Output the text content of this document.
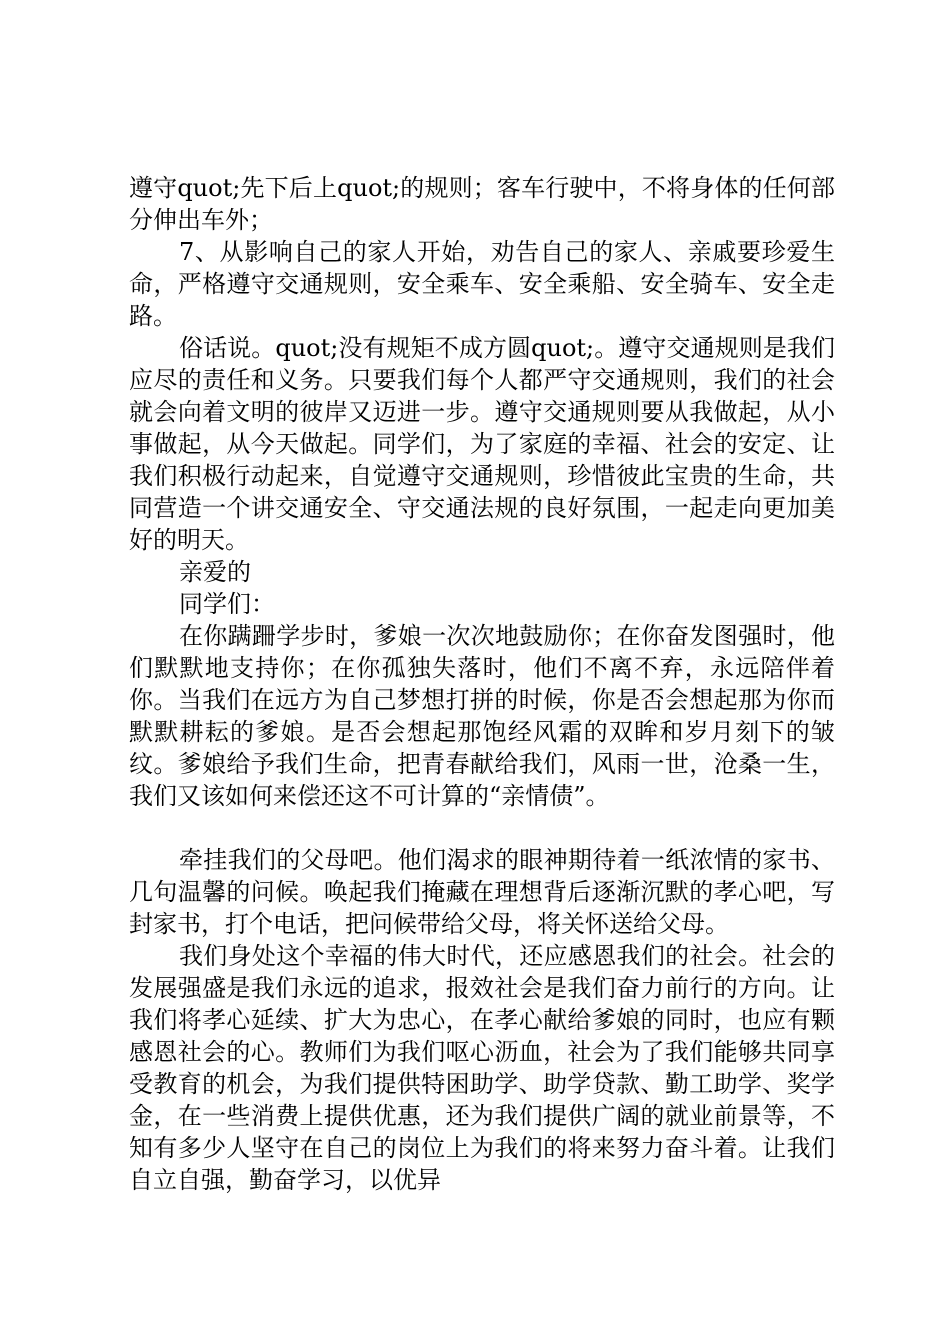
遵守quot;先下后上quot;的规则；客车行驶中，不将身体的任何部分伸出车外；

7、从影响自己的家人开始，劝告自己的家人、亲戚要珍爱生命，严格遵守交通规则，安全乘车、安全乘船、安全骑车、安全走路。

俗话说。quot;没有规矩不成方圆quot;。遵守交通规则是我们应尽的责任和义务。只要我们每个人都严守交通规则，我们的社会就会向着文明的彼岸又迈进一步。遵守交通规则要从我做起，从小事做起，从今天做起。同学们，为了家庭的幸福、社会的安定、让我们积极行动起来，自觉遵守交通规则，珍惜彼此宝贵的生命，共同营造一个讲交通安全、守交通法规的良好氛围，一起走向更加美好的明天。

亲爱的

同学们：

在你蹒跚学步时，爹娘一次次地鼓励你；在你奋发图强时，他们默默地支持你；在你孤独失落时，他们不离不弃，永远陪伴着你。当我们在远方为自己梦想打拼的时候，你是否会想起那为你而默默耕耘的爹娘。是否会想起那饱经风霜的双眸和岁月刻下的皱纹。爹娘给予我们生命，把青春献给我们，风雨一世，沧桑一生，我们又该如何来偿还这不可计算的“亲情债”。

牵挂我们的父母吧。他们渴求的眼神期待着一纸浓情的家书、几句温馨的问候。唤起我们掩藏在理想背后逐渐沉默的孝心吧，写封家书，打个电话，把问候带给父母，将关怀送给父母。

我们身处这个幸福的伟大时代，还应感恩我们的社会。社会的发展强盛是我们永远的追求，报效社会是我们奋力前行的方向。让我们将孝心延续、扩大为忠心，在孝心献给爹娘的同时，也应有颗感恩社会的心。教师们为我们呕心沥血，社会为了我们能够共同享受教育的机会，为我们提供特困助学、助学贷款、勤工助学、奖学金，在一些消费上提供优惠，还为我们提供广阔的就业前景等，不知有多少人坚守在自己的岗位上为我们的将来努力奋斗着。让我们自立自强，勤奋学习，以优异
